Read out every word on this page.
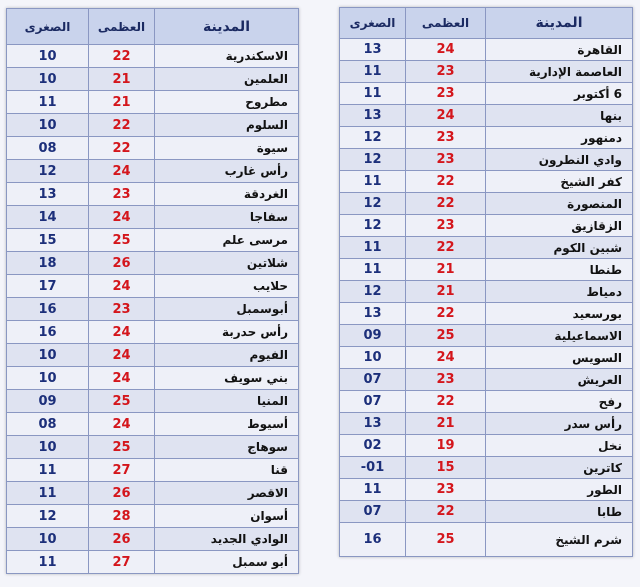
الصغرى	العظمى	المدينة
10	22	الاسكندرية
10	21	العلمين
11	21	مطروح
10	22	السلوم
08	22	سيوة
12	24	رأس غارب
13	23	الغردقة
14	24	سفاجا
15	25	مرسى علم
18	26	شلاتين
17	24	حلايب
16	23	أبوسمبل
16	24	رأس حدربة
10	24	الفيوم
10	24	بني سويف
09	25	المنيا
08	24	أسيوط
10	25	سوهاج
11	27	قنا
11	26	الاقصر
12	28	أسوان
10	26	الوادي الجديد
11	27	أبو سمبل
الصغرى	العظمى	المدينة
13	24	القاهرة
11	23	العاصمة الإدارية
11	23	6 أكتوبر
13	24	بنها
12	23	دمنهور
12	23	وادي النطرون
11	22	كفر الشيخ
12	22	المنصورة
12	23	الزقازيق
11	22	شبين الكوم
11	21	طنطا
12	21	دمياط
13	22	بورسعيد
09	25	الاسماعيلية
10	24	السويس
07	23	العريش
07	22	رفح
13	21	رأس سدر
02	19	نخل
-01	15	كاترين
11	23	الطور
07	22	طابا
16	25	شرم الشيخ
